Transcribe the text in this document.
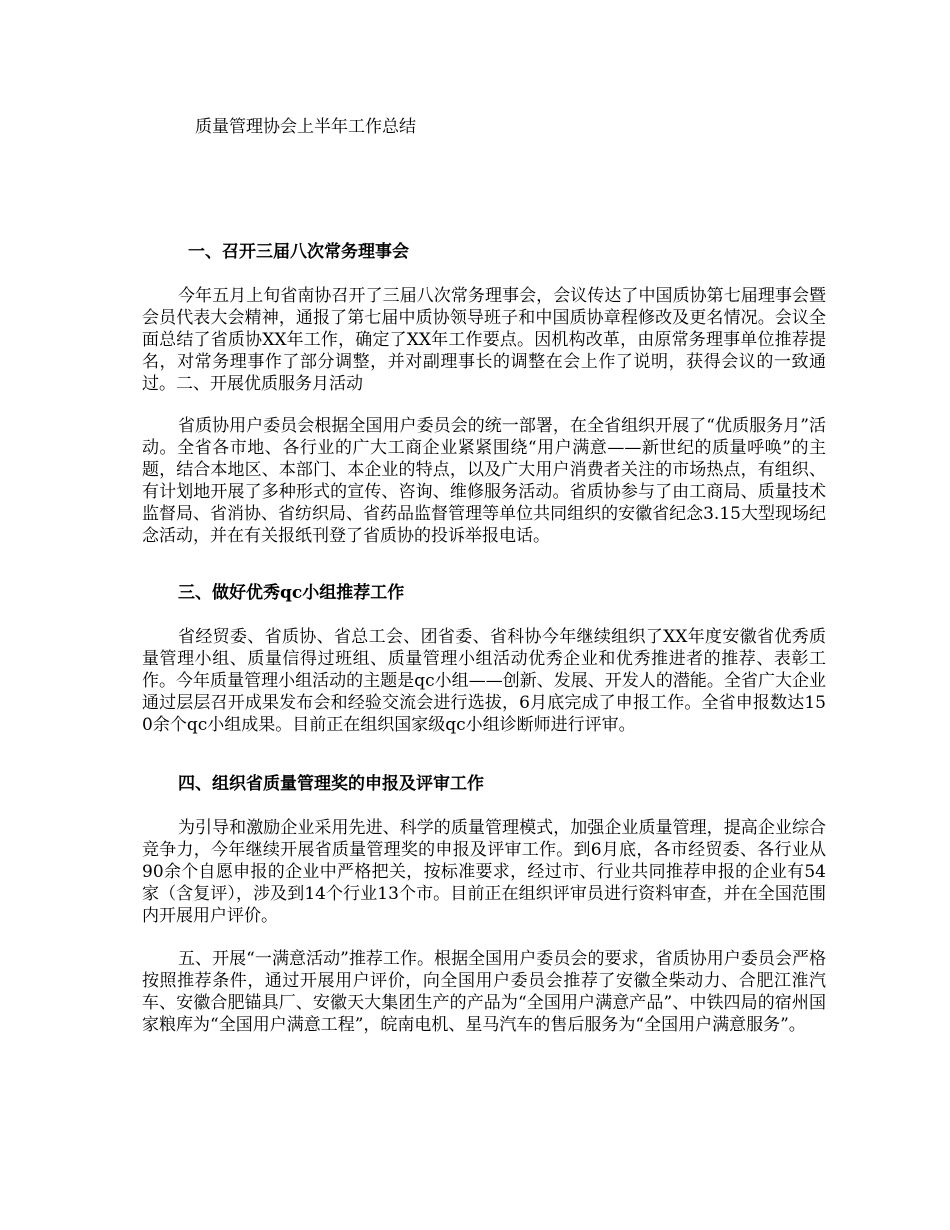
质量管理协会上半年工作总结
一、召开三届八次常务理事会

今年五月上旬省南协召开了三届八次常务理事会，会议传达了中国质协第七届理事会暨会员代表大会精神，通报了第七届中质协领导班子和中国质协章程修改及更名情况。会议全面总结了省质协XX年工作，确定了XX年工作要点。因机构改革，由原常务理事单位推荐提名，对常务理事作了部分调整，并对副理事长的调整在会上作了说明，获得会议的一致通过。二、开展优质服务月活动

省质协用户委员会根据全国用户委员会的统一部署，在全省组织开展了“优质服务月”活动。全省各市地、各行业的广大工商企业紧紧围绕“用户满意——新世纪的质量呼唤”的主题，结合本地区、本部门、本企业的特点，以及广大用户消费者关注的市场热点，有组织、有计划地开展了多种形式的宣传、咨询、维修服务活动。省质协参与了由工商局、质量技术监督局、省消协、省纺织局、省药品监督管理等单位共同组织的安徽省纪念3.15大型现场纪念活动，并在有关报纸刊登了省质协的投诉举报电话。

三、做好优秀qc小组推荐工作

省经贸委、省质协、省总工会、团省委、省科协今年继续组织了XX年度安徽省优秀质量管理小组、质量信得过班组、质量管理小组活动优秀企业和优秀推进者的推荐、表彰工作。今年质量管理小组活动的主题是qc小组——创新、发展、开发人的潜能。全省广大企业通过层层召开成果发布会和经验交流会进行选拔，6月底完成了申报工作。全省申报数达150余个qc小组成果。目前正在组织国家级qc小组诊断师进行评审。

四、组织省质量管理奖的申报及评审工作

为引导和激励企业采用先进、科学的质量管理模式，加强企业质量管理，提高企业综合竞争力，今年继续开展省质量管理奖的申报及评审工作。到6月底，各市经贸委、各行业从90余个自愿申报的企业中严格把关，按标准要求，经过市、行业共同推荐申报的企业有54家（含复评），涉及到14个行业13个市。目前正在组织评审员进行资料审查，并在全国范围内开展用户评价。

五、开展“一满意活动”推荐工作。根据全国用户委员会的要求，省质协用户委员会严格按照推荐条件，通过开展用户评价，向全国用户委员会推荐了安徽全柴动力、合肥江淮汽车、安徽合肥锚具厂、安徽天大集团生产的产品为“全国用户满意产品”、中铁四局的宿州国家粮库为“全国用户满意工程”，皖南电机、星马汽车的售后服务为“全国用户满意服务”。
